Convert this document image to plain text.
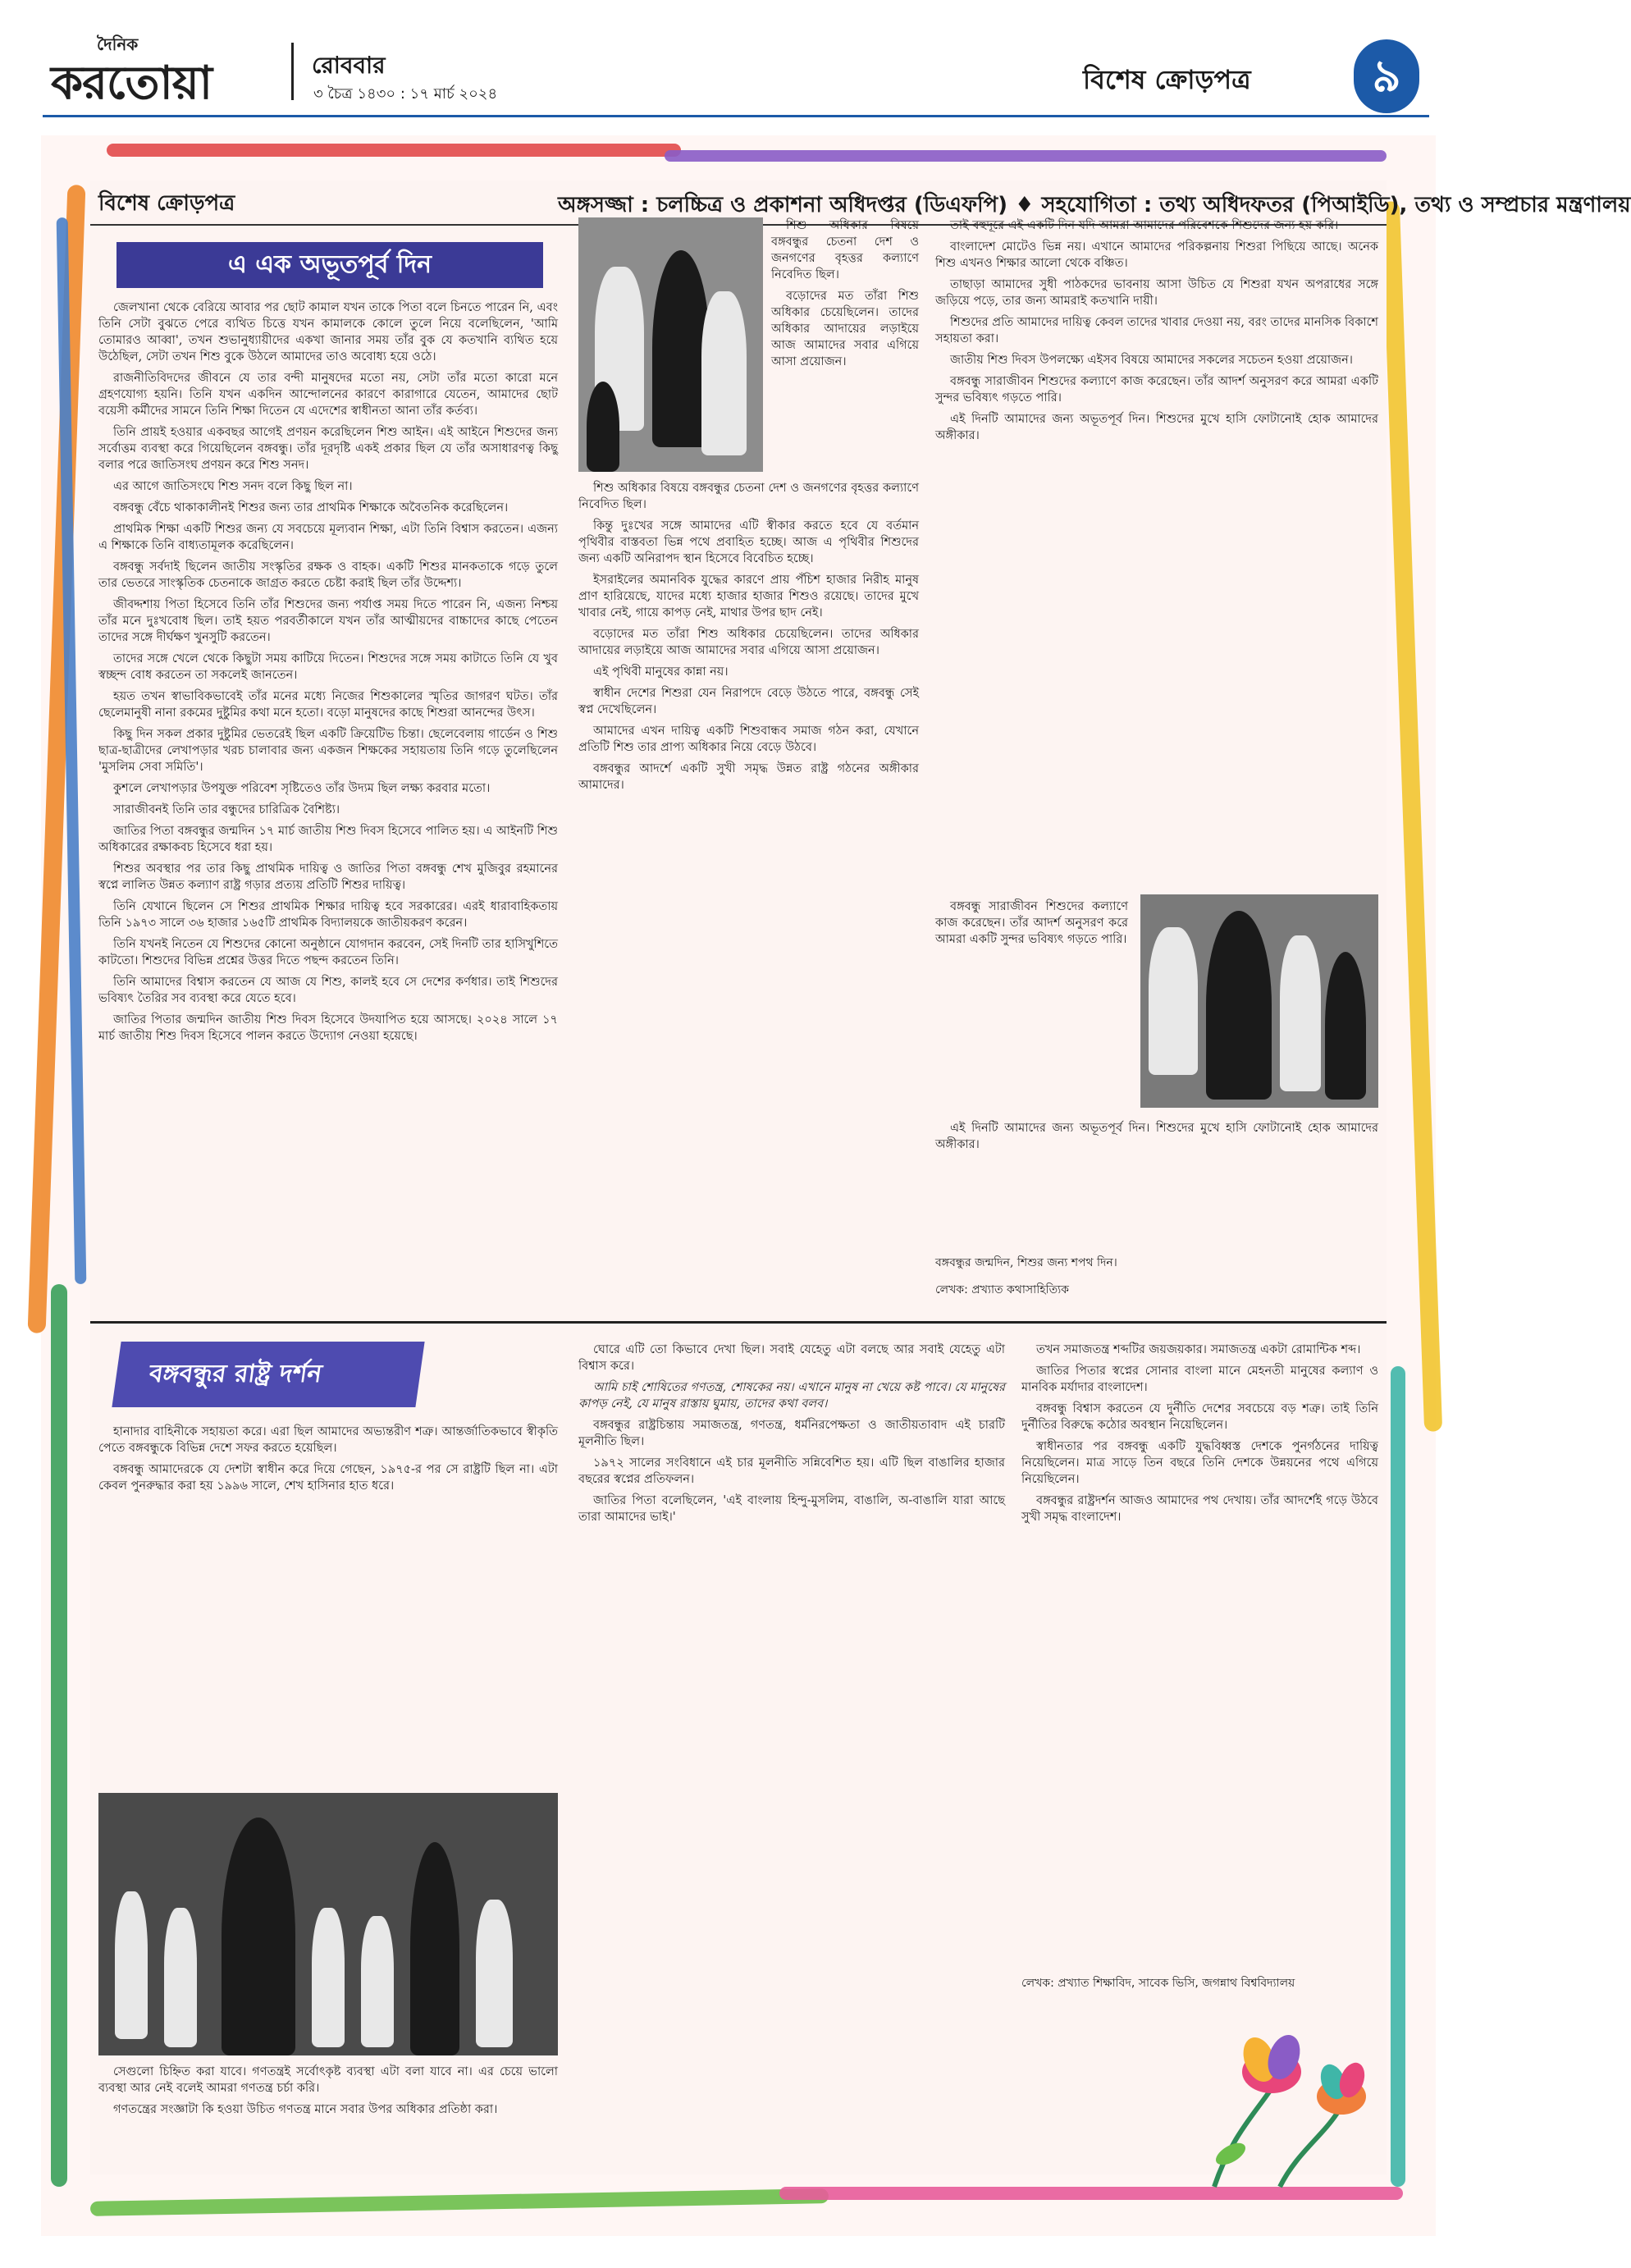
দৈনিক
করতোয়া	রোববার
৩ চৈত্র ১৪৩০ : ১৭ মার্চ ২০২৪	বিশেষ ক্রোড়পত্র	৯
বিশেষ ক্রোড়পত্র	অঙ্গসজ্জা : চলচ্চিত্র ও প্রকাশনা অধিদপ্তর (ডিএফপি) ♦ সহযোগিতা : তথ্য অধিদফতর (পিআইডি), তথ্য ও সম্প্রচার মন্ত্রণালয়
এ এক অভূতপূর্ব দিন

জেলখানা থেকে বেরিয়ে আবার পর ছোট কামাল যখন তাকে পিতা বলে চিনতে পারেন নি, এবং তিনি সেটা বুঝতে পেরে ব্যথিত চিত্তে যখন কামালকে কোলে তুলে নিয়ে বলেছিলেন, 'আমি তোমারও আব্বা', তখন শুভানুধ্যায়ীদের একখা জানার সময় তাঁর বুক যে কতখানি ব্যথিত হয়ে উঠেছিল, সেটা তখন শিশু বুকে উঠলে আমাদের তাও অবোধ্য হয়ে ওঠে।

রাজনীতিবিদদের জীবনে যে তার বন্দী মানুষদের মতো নয়, সেটা তাঁর মতো কারো মনে গ্রহণযোগ্য হয়নি। তিনি যখন একদিন আন্দোলনের কারণে কারাগারে যেতেন, আমাদের ছোট বয়েসী কর্মীদের সামনে তিনি শিক্ষা দিতেন যে এদেশের স্বাধীনতা আনা তাঁর কর্তব্য।

তিনি প্রায়ই হওয়ার একবছর আগেই প্রণয়ন করেছিলেন শিশু আইন। এই আইনে শিশুদের জন্য সর্বোত্তম ব্যবস্থা করে গিয়েছিলেন বঙ্গবন্ধু। তাঁর দূরদৃষ্টি একই প্রকার ছিল যে তাঁর অসাধারণত্ব কিছু বলার পরে জাতিসংঘ প্রণয়ন করে শিশু সনদ।

এর আগে জাতিসংঘে শিশু সনদ বলে কিছু ছিল না।

বঙ্গবন্ধু বেঁচে থাকাকালীনই শিশুর জন্য তার প্রাথমিক শিক্ষাকে অবৈতনিক করেছিলেন।

প্রাথমিক শিক্ষা একটি শিশুর জন্য যে সবচেয়ে মূল্যবান শিক্ষা, এটা তিনি বিশ্বাস করতেন। এজন্য এ শিক্ষাকে তিনি বাধ্যতামূলক করেছিলেন।

বঙ্গবন্ধু সর্বদাই ছিলেন জাতীয় সংস্কৃতির রক্ষক ও বাহক। একটি শিশুর মানকতাকে গড়ে তুলে তার ভেতরে সাংস্কৃতিক চেতনাকে জাগ্রত করতে চেষ্টা করাই ছিল তাঁর উদ্দেশ্য।

জীবদ্দশায় পিতা হিসেবে তিনি তাঁর শিশুদের জন্য পর্যাপ্ত সময় দিতে পারেন নি, এজন্য নিশ্চয় তাঁর মনে দুঃখবোধ ছিল। তাই হয়ত পরবর্তীকালে যখন তাঁর আত্মীয়দের বাচ্চাদের কাছে পেতেন তাদের সঙ্গে দীর্ঘক্ষণ খুনসুটি করতেন।

তাদের সঙ্গে খেলে থেকে কিছুটা সময় কাটিয়ে দিতেন। শিশুদের সঙ্গে সময় কাটাতে তিনি যে খুব স্বচ্ছন্দ বোধ করতেন তা সকলেই জানতেন।

হয়ত তখন স্বাভাবিকভাবেই তাঁর মনের মধ্যে নিজের শিশুকালের স্মৃতির জাগরণ ঘটত। তাঁর ছেলেমানুষী নানা রকমের দুষ্টুমির কথা মনে হতো। বড়ো মানুষদের কাছে শিশুরা আনন্দের উৎস।

কিছু দিন সকল প্রকার দুষ্টুমির ভেতরেই ছিল একটি ক্রিয়েটিভ চিন্তা। ছেলেবেলায় গার্ডেন ও শিশু ছাত্র-ছাত্রীদের লেখাপড়ার খরচ চালাবার জন্য একজন শিক্ষকের সহায়তায় তিনি গড়ে তুলেছিলেন 'মুসলিম সেবা সমিতি'।

কুশলে লেখাপড়ার উপযুক্ত পরিবেশ সৃষ্টিতেও তাঁর উদ্যম ছিল লক্ষ্য করবার মতো।

সারাজীবনই তিনি তার বন্ধুদের চারিত্রিক বৈশিষ্ট্য।

জাতির পিতা বঙ্গবন্ধুর জন্মদিন ১৭ মার্চ জাতীয় শিশু দিবস হিসেবে পালিত হয়। এ আইনটি শিশু অধিকারের রক্ষাকবচ হিসেবে ধরা হয়।

শিশুর অবস্থার পর তার কিছু প্রাথমিক দায়িত্ব ও জাতির পিতা বঙ্গবন্ধু শেখ মুজিবুর রহমানের স্বপ্নে লালিত উন্নত কল্যাণ রাষ্ট্র গড়ার প্রত্যয় প্রতিটি শিশুর দায়িত্ব।

তিনি যেখানে ছিলেন সে শিশুর প্রাথমিক শিক্ষার দায়িত্ব হবে সরকারের। এরই ধারাবাহিকতায় তিনি ১৯৭৩ সালে ৩৬ হাজার ১৬৫টি প্রাথমিক বিদ্যালয়কে জাতীয়করণ করেন।

তিনি যখনই নিতেন যে শিশুদের কোনো অনুষ্ঠানে যোগদান করবেন, সেই দিনটি তার হাসিখুশিতে কাটতো। শিশুদের বিভিন্ন প্রশ্নের উত্তর দিতে পছন্দ করতেন তিনি।

তিনি আমাদের বিশ্বাস করতেন যে আজ যে শিশু, কালই হবে সে দেশের কর্ণধার। তাই শিশুদের ভবিষ্যৎ তৈরির সব ব্যবস্থা করে যেতে হবে।

জাতির পিতার জন্মদিন জাতীয় শিশু দিবস হিসেবে উদযাপিত হয়ে আসছে। ২০২৪ সালে ১৭ মার্চ জাতীয় শিশু দিবস হিসেবে পালন করতে উদ্যোগ নেওয়া হয়েছে।

শিশু অধিকার বিষয়ে বঙ্গবন্ধুর চেতনা দেশ ও জনগণের বৃহত্তর কল্যাণে নিবেদিত ছিল।

কিন্তু দুঃখের সঙ্গে আমাদের এটি স্বীকার করতে হবে যে বর্তমান পৃথিবীর বাস্তবতা ভিন্ন পথে প্রবাহিত হচ্ছে। আজ এ পৃথিবীর শিশুদের জন্য একটি অনিরাপদ স্থান হিসেবে বিবেচিত হচ্ছে।

ইসরাইলের অমানবিক যুদ্ধের কারণে প্রায় পঁচিশ হাজার নিরীহ মানুষ প্রাণ হারিয়েছে, যাদের মধ্যে হাজার হাজার শিশুও রয়েছে। তাদের মুখে খাবার নেই, গায়ে কাপড় নেই, মাথার উপর ছাদ নেই।

বড়োদের মত তাঁরা শিশু অধিকার চেয়েছিলেন। তাদের অধিকার আদায়ের লড়াইয়ে আজ আমাদের সবার এগিয়ে আসা প্রয়োজন।

এই পৃথিবী মানুষের কান্না নয়।

স্বাধীন দেশের শিশুরা যেন নিরাপদে বেড়ে উঠতে পারে, বঙ্গবন্ধু সেই স্বপ্ন দেখেছিলেন।

আমাদের এখন দায়িত্ব একটি শিশুবান্ধব সমাজ গঠন করা, যেখানে প্রতিটি শিশু তার প্রাপ্য অধিকার নিয়ে বেড়ে উঠবে।

বঙ্গবন্ধুর আদর্শে একটি সুখী সমৃদ্ধ উন্নত রাষ্ট্র গঠনের অঙ্গীকার আমাদের।

শিশু অধিকার বিষয়ে বঙ্গবন্ধুর চেতনা দেশ ও জনগণের বৃহত্তর কল্যাণে নিবেদিত ছিল।

বড়োদের মত তাঁরা শিশু অধিকার চেয়েছিলেন। তাদের অধিকার আদায়ের লড়াইয়ে আজ আমাদের সবার এগিয়ে আসা প্রয়োজন।

তাই বহুদূরে এই একটি দিন যদি আমরা আমাদের পরিবেশকে শিশুদের জন্য হয় করি।

বাংলাদেশ মোটেও ভিন্ন নয়। এখানে আমাদের পরিকল্পনায় শিশুরা পিছিয়ে আছে। অনেক শিশু এখনও শিক্ষার আলো থেকে বঞ্চিত।

তাছাড়া আমাদের সুধী পাঠকদের ভাবনায় আসা উচিত যে শিশুরা যখন অপরাধের সঙ্গে জড়িয়ে পড়ে, তার জন্য আমরাই কতখানি দায়ী।

শিশুদের প্রতি আমাদের দায়িত্ব কেবল তাদের খাবার দেওয়া নয়, বরং তাদের মানসিক বিকাশে সহায়তা করা।

জাতীয় শিশু দিবস উপলক্ষ্যে এইসব বিষয়ে আমাদের সকলের সচেতন হওয়া প্রয়োজন।

বঙ্গবন্ধু সারাজীবন শিশুদের কল্যাণে কাজ করেছেন। তাঁর আদর্শ অনুসরণ করে আমরা একটি সুন্দর ভবিষ্যৎ গড়তে পারি।

এই দিনটি আমাদের জন্য অভূতপূর্ব দিন। শিশুদের মুখে হাসি ফোটানোই হোক আমাদের অঙ্গীকার।

বঙ্গবন্ধু সারাজীবন শিশুদের কল্যাণে কাজ করেছেন। তাঁর আদর্শ অনুসরণ করে আমরা একটি সুন্দর ভবিষ্যৎ গড়তে পারি।

এই দিনটি আমাদের জন্য অভূতপূর্ব দিন। শিশুদের মুখে হাসি ফোটানোই হোক আমাদের অঙ্গীকার।

বঙ্গবন্ধুর জন্মদিন, শিশুর জন্য শপথ দিন।
লেখক: প্রখ্যাত কথাসাহিত্যিক
বঙ্গবন্ধুর রাষ্ট্র দর্শন

হানাদার বাহিনীকে সহায়তা করে। এরা ছিল আমাদের অভ্যন্তরীণ শত্রু। আন্তর্জাতিকভাবে স্বীকৃতি পেতে বঙ্গবন্ধুকে বিভিন্ন দেশে সফর করতে হয়েছিল।

বঙ্গবন্ধু আমাদেরকে যে দেশটা স্বাধীন করে দিয়ে গেছেন, ১৯৭৫-র পর সে রাষ্ট্রটি ছিল না। এটা কেবল পুনরুদ্ধার করা হয় ১৯৯৬ সালে, শেখ হাসিনার হাত ধরে।

সেগুলো চিহ্নিত করা যাবে। গণতন্ত্রই সর্বোৎকৃষ্ট ব্যবস্থা এটা বলা যাবে না। এর চেয়ে ভালো ব্যবস্থা আর নেই বলেই আমরা গণতন্ত্র চর্চা করি।

গণতন্ত্রের সংজ্ঞাটা কি হওয়া উচিত গণতন্ত্র মানে সবার উপর অধিকার প্রতিষ্ঠা করা।

ঘোরে এটি তো কিভাবে দেখা ছিল। সবাই যেহেতু এটা বলছে আর সবাই যেহেতু এটা বিশ্বাস করে।

আমি চাই শোষিতের গণতন্ত্র, শোষকের নয়। এখানে মানুষ না খেয়ে কষ্ট পাবে। যে মানুষের কাপড় নেই, যে মানুষ রাস্তায় ঘুমায়, তাদের কথা বলব।

বঙ্গবন্ধুর রাষ্ট্রচিন্তায় সমাজতন্ত্র, গণতন্ত্র, ধর্মনিরপেক্ষতা ও জাতীয়তাবাদ এই চারটি মূলনীতি ছিল।

১৯৭২ সালের সংবিধানে এই চার মূলনীতি সন্নিবেশিত হয়। এটি ছিল বাঙালির হাজার বছরের স্বপ্নের প্রতিফলন।

জাতির পিতা বলেছিলেন, 'এই বাংলায় হিন্দু-মুসলিম, বাঙালি, অ-বাঙালি যারা আছে তারা আমাদের ভাই।'

তখন সমাজতন্ত্র শব্দটির জয়জয়কার। সমাজতন্ত্র একটা রোমান্টিক শব্দ।

জাতির পিতার স্বপ্নের সোনার বাংলা মানে মেহনতী মানুষের কল্যাণ ও মানবিক মর্যাদার বাংলাদেশ।

বঙ্গবন্ধু বিশ্বাস করতেন যে দুর্নীতি দেশের সবচেয়ে বড় শত্রু। তাই তিনি দুর্নীতির বিরুদ্ধে কঠোর অবস্থান নিয়েছিলেন।

স্বাধীনতার পর বঙ্গবন্ধু একটি যুদ্ধবিধ্বস্ত দেশকে পুনর্গঠনের দায়িত্ব নিয়েছিলেন। মাত্র সাড়ে তিন বছরে তিনি দেশকে উন্নয়নের পথে এগিয়ে নিয়েছিলেন।

বঙ্গবন্ধুর রাষ্ট্রদর্শন আজও আমাদের পথ দেখায়। তাঁর আদর্শেই গড়ে উঠবে সুখী সমৃদ্ধ বাংলাদেশ।

লেখক: প্রখ্যাত শিক্ষাবিদ, সাবেক ভিসি, জগন্নাথ বিশ্ববিদ্যালয়
